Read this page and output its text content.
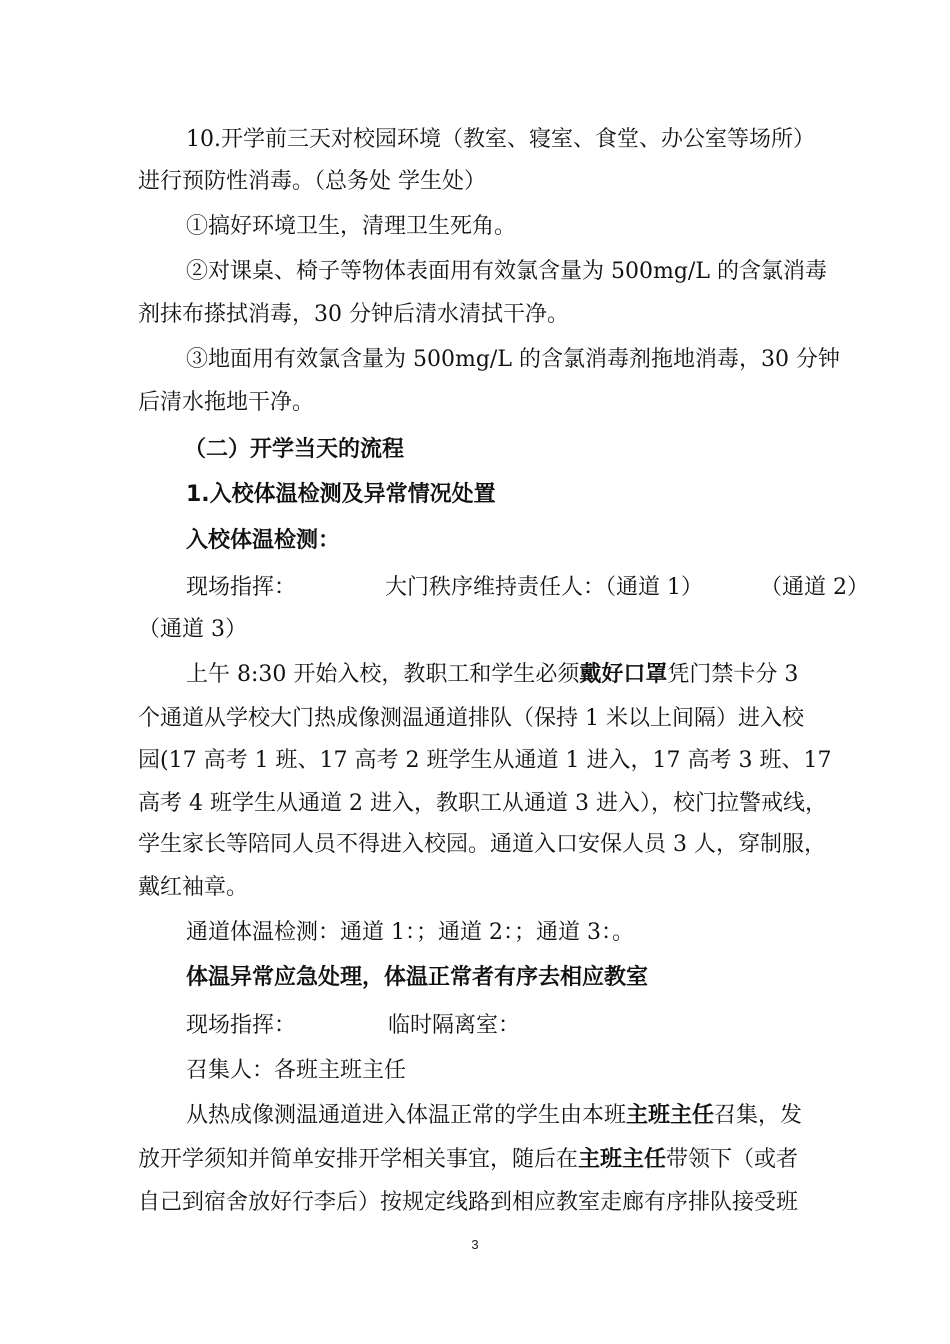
10.开学前三天对校园环境（教室、寝室、食堂、办公室等场所）
进行预防性消毒。（总务处 学生处）
①搞好环境卫生，清理卫生死角。
②对课桌、椅子等物体表面用有效氯含量为 500mg/L 的含氯消毒
剂抹布搽拭消毒，30 分钟后清水清拭干净。
③地面用有效氯含量为 500mg/L 的含氯消毒剂拖地消毒，30 分钟
后清水拖地干净。
（二）开学当天的流程
1.入校体温检测及异常情况处置
入校体温检测：
现场指挥：	大门秩序维持责任人：（通道 1）	（通道 2）
（通道 3）
上午 8:30 开始入校，教职工和学生必须戴好口罩凭门禁卡分 3
个通道从学校大门热成像测温通道排队（保持 1 米以上间隔）进入校
园(17 高考 1 班、17 高考 2 班学生从通道 1 进入，17 高考 3 班、17
高考 4 班学生从通道 2 进入，教职工从通道 3 进入），校门拉警戒线，
学生家长等陪同人员不得进入校园。通道入口安保人员 3 人，穿制服，
戴红袖章。
通道体温检测：通道 1：；通道 2：；通道 3：。
体温异常应急处理，体温正常者有序去相应教室
现场指挥：	临时隔离室：
召集人：各班主班主任
从热成像测温通道进入体温正常的学生由本班主班主任召集，发
放开学须知并简单安排开学相关事宜，随后在主班主任带领下（或者
自己到宿舍放好行李后）按规定线路到相应教室走廊有序排队接受班
3
